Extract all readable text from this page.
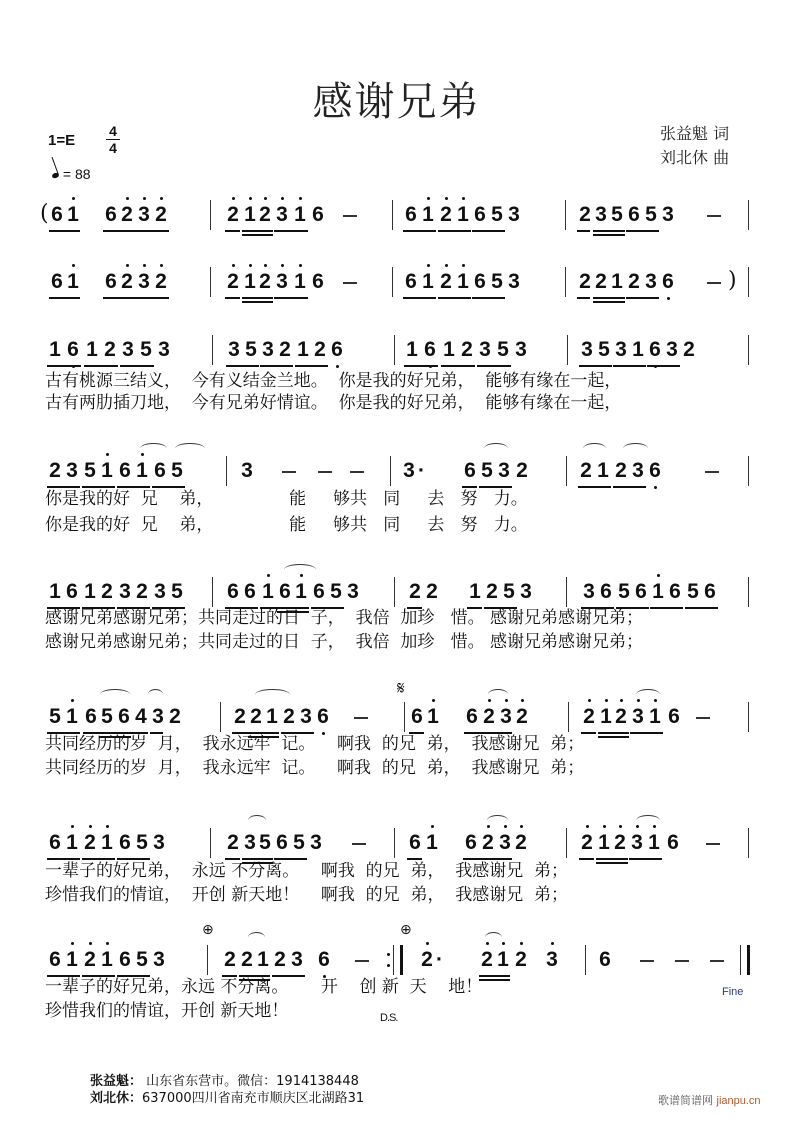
感谢兄弟
1=E
4
4
= 88
张益魁 词
刘北休 曲
( 6 1 6 2 3 2	2 1 2 3 1 6	6 1 2 1 6 5 3	2 3 5 6 5 3
)
6 1 6 2 3 2	2 1 2 3 1 6	6 1 2 1 6 5 3	2 2 1 2 3 6
1 6 1 2 3 5 3	3 5 3 2 1 2 6	1 6 1 2 3 5 3	3 5 3 1 6 3 2
古有桃源三结义，  今有义结金兰地。  你是我的好兄弟，  能够有缘在一起，
古有两肋插刀地，  今有兄弟好情谊。  你是我的好兄弟，  能够有缘在一起，
2 3 5 1 6 1 6 5	3	3 · 6 5 3 2 2 1 2 3 6
你是我的好  兄    弟，              能     够共   同     去   努   力。
你是我的好  兄    弟，              能     够共   同     去   努   力。
1 6 1 2 3 2 3 5 6 6 1 6 1 6 5 3 2 2 1 2 5 3 3 6 5 6 1 6 5 6
感谢兄弟感谢兄弟；共同走过的日  子，  我倍  加珍   惜。 感谢兄弟感谢兄弟；
感谢兄弟感谢兄弟；共同走过的日  子，  我倍  加珍   惜。 感谢兄弟感谢兄弟；
𝄋
5 1 6 5 6 4 3 2	2 2 1 2 3 6	6 1 6 2 3 2	2 1 2 3 1 6
共同经历的岁  月，  我永远牢  记。    啊我  的兄  弟，  我感谢兄  弟；
共同经历的岁  月，  我永远牢  记。    啊我  的兄  弟，  我感谢兄  弟；
6 1 2 1 6 5 3	2 3 5 6 5 3	6 1 6 2 3 2	2 1 2 3 1 6
一辈子的好兄弟，  永远 不分离。    啊我  的兄  弟，  我感谢兄  弟；
珍惜我们的情谊，  开创 新天地！    啊我  的兄  弟，  我感谢兄  弟；
⊕	⊕
6 1 2 1 6 5 3	2 2 1 2 3 6	2 · 2 1 2 3 6
一辈子的好兄弟，永远 不分离。      开    创 新  天    地！
珍惜我们的情谊，开创 新天地！	D.S.
Fine
张益魁： 山东省东营市。微信：1914138448
刘北休：637000四川省南充市顺庆区北湖路31	歌谱简谱网 jianpu.cn
